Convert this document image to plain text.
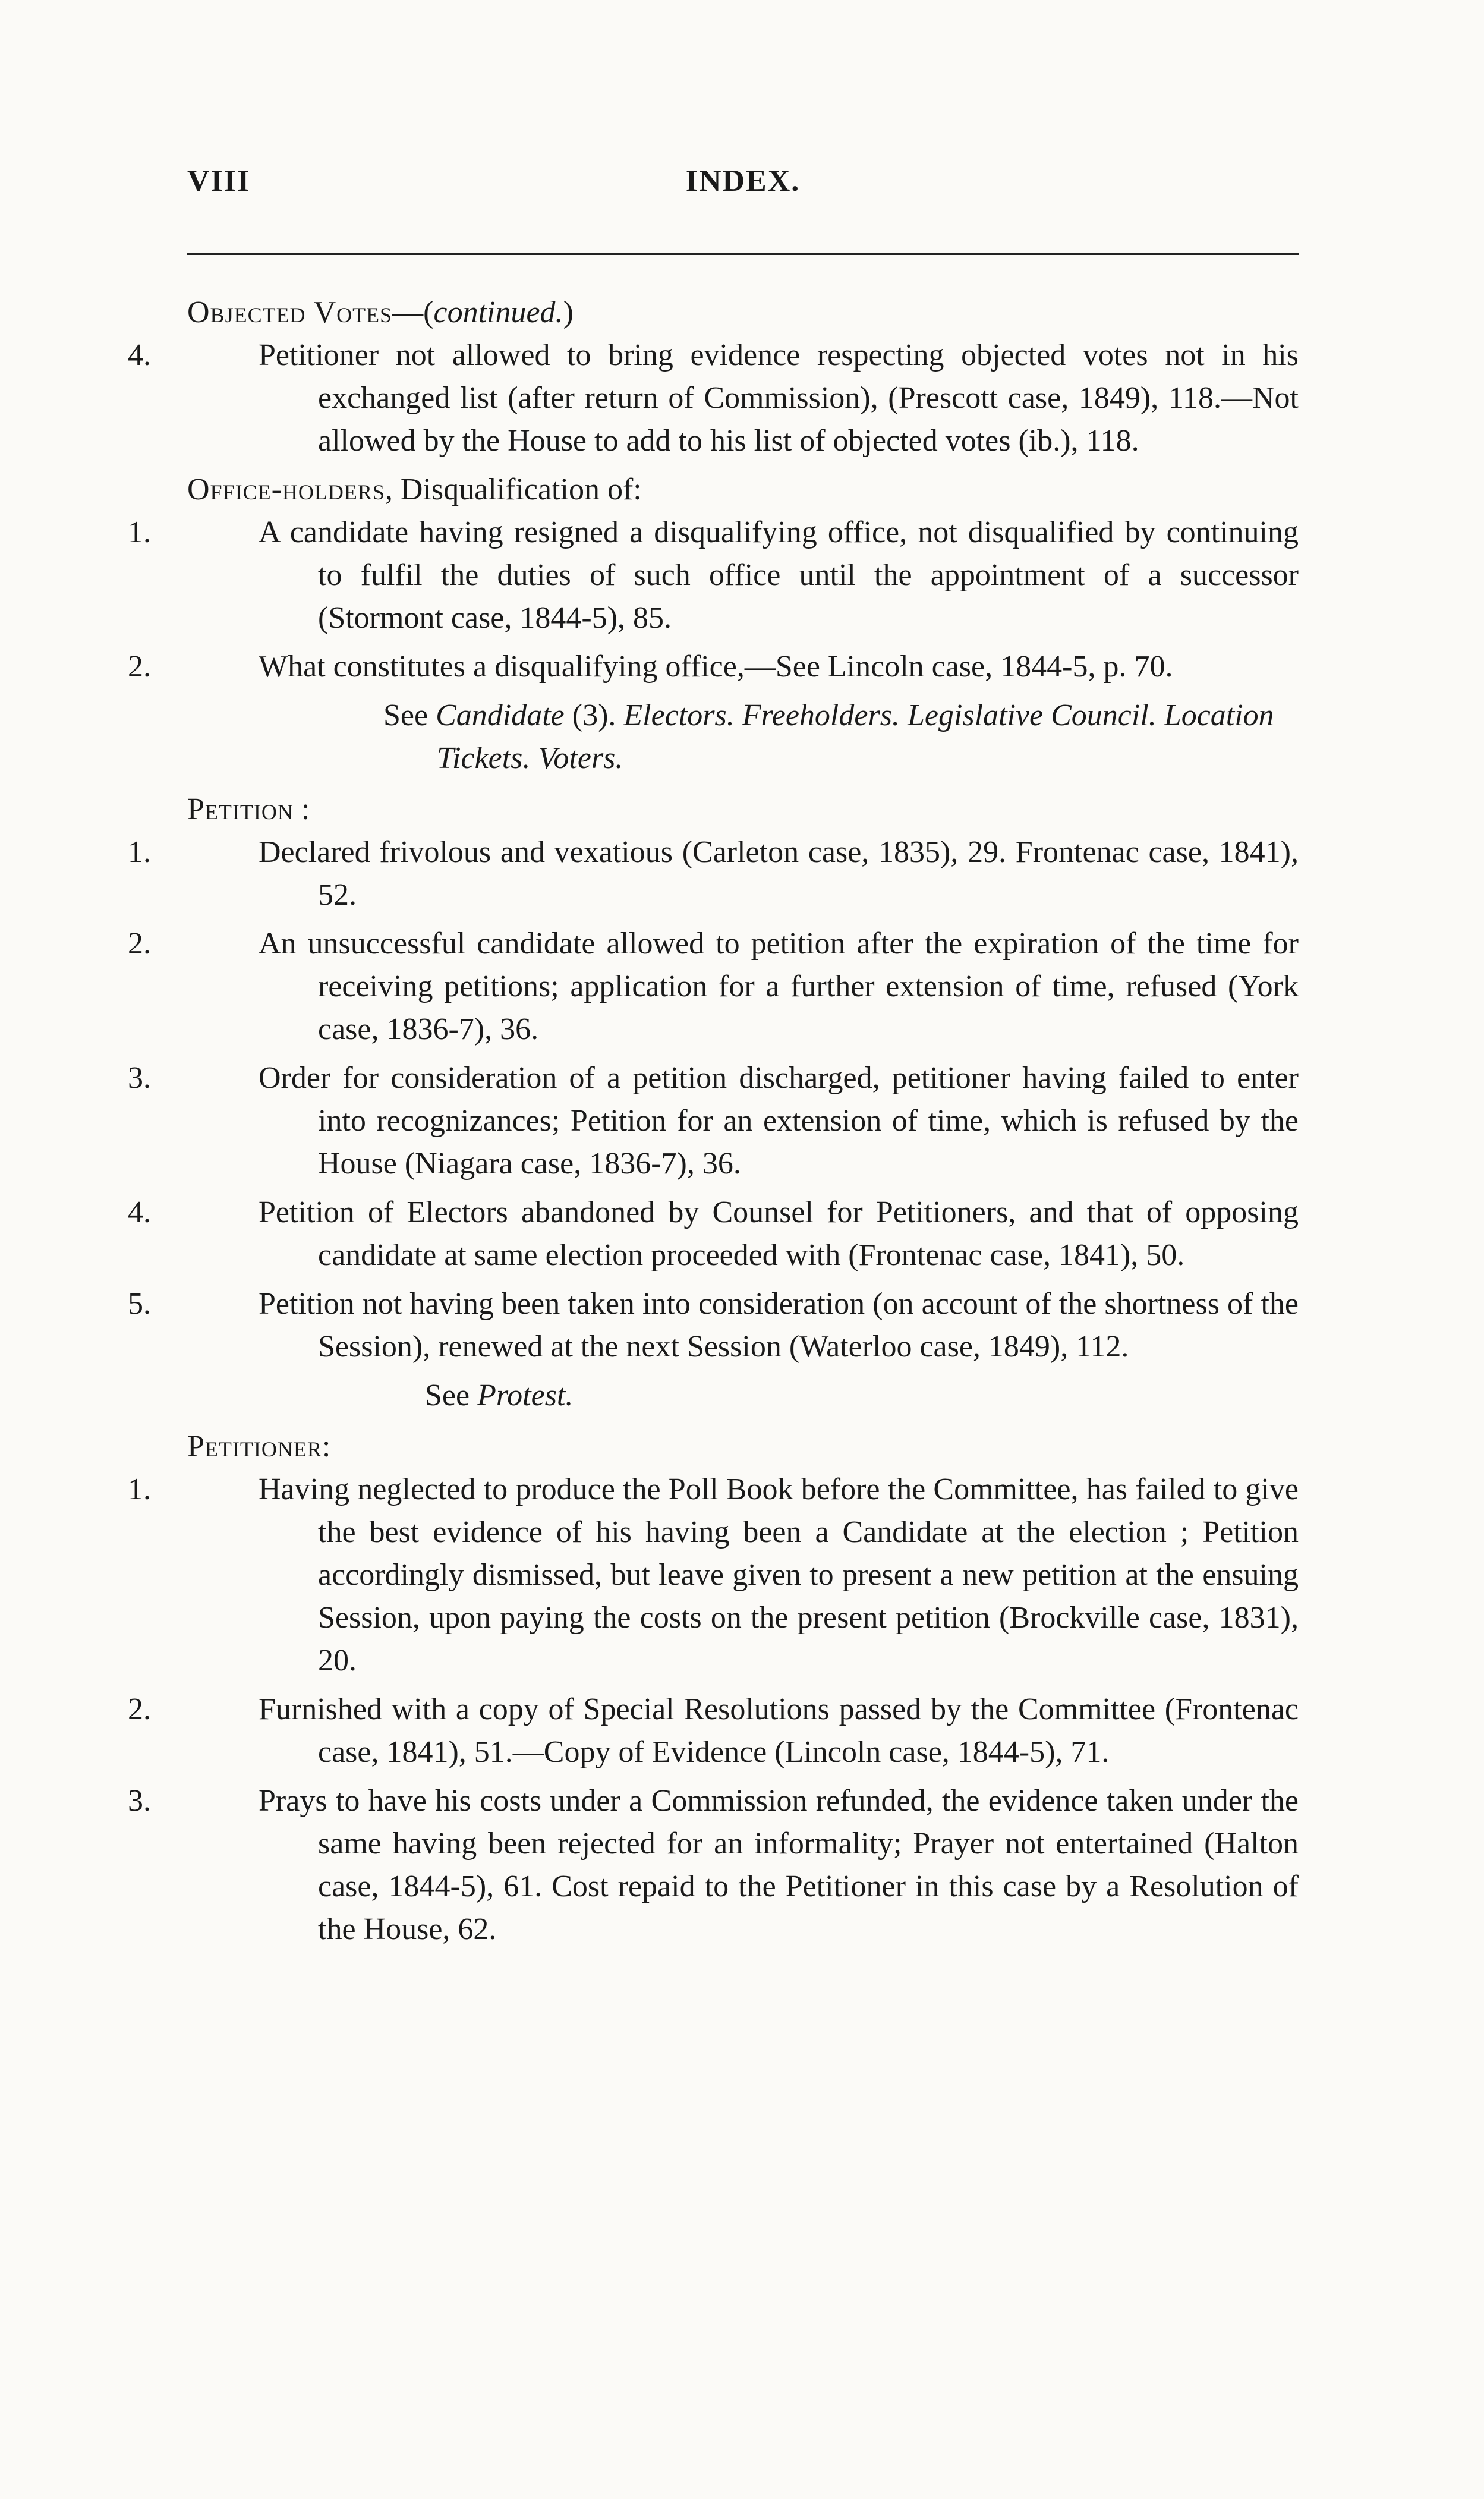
VIII	INDEX.

Objected Votes—(continued.)

4.	Petitioner not allowed to bring evidence respecting objected votes not in his exchanged list (after return of Commission), (Prescott case, 1849), 118.—Not allowed by the House to add to his list of objected votes (ib.), 118.

Office-holders, Disqualification of:

1.	A candidate having resigned a disqualifying office, not disqualified by continuing to fulfil the duties of such office until the appointment of a successor (Stormont case, 1844-5), 85.
2.	What constitutes a disqualifying office,—See Lincoln case, 1844-5, p. 70.
See Candidate (3). Electors. Freeholders. Legislative Council. Location Tickets. Voters.

Petition :

1.	Declared frivolous and vexatious (Carleton case, 1835), 29. Frontenac case, 1841), 52.
2.	An unsuccessful candidate allowed to petition after the expiration of the time for receiving petitions; application for a further extension of time, refused (York case, 1836-7), 36.
3.	Order for consideration of a petition discharged, petitioner having failed to enter into recognizances; Petition for an extension of time, which is refused by the House (Niagara case, 1836-7), 36.
4.	Petition of Electors abandoned by Counsel for Petitioners, and that of opposing candidate at same election proceeded with (Frontenac case, 1841), 50.
5.	Petition not having been taken into consideration (on account of the shortness of the Session), renewed at the next Session (Waterloo case, 1849), 112.
See Protest.

Petitioner:

1.	Having neglected to produce the Poll Book before the Committee, has failed to give the best evidence of his having been a Candidate at the election ; Petition accordingly dismissed, but leave given to present a new petition at the ensuing Session, upon paying the costs on the present petition (Brockville case, 1831), 20.
2.	Furnished with a copy of Special Resolutions passed by the Committee (Frontenac case, 1841), 51.—Copy of Evidence (Lincoln case, 1844-5), 71.
3.	Prays to have his costs under a Commission refunded, the evidence taken under the same having been rejected for an informality; Prayer not entertained (Halton case, 1844-5), 61. Cost repaid to the Petitioner in this case by a Resolution of the House, 62.
